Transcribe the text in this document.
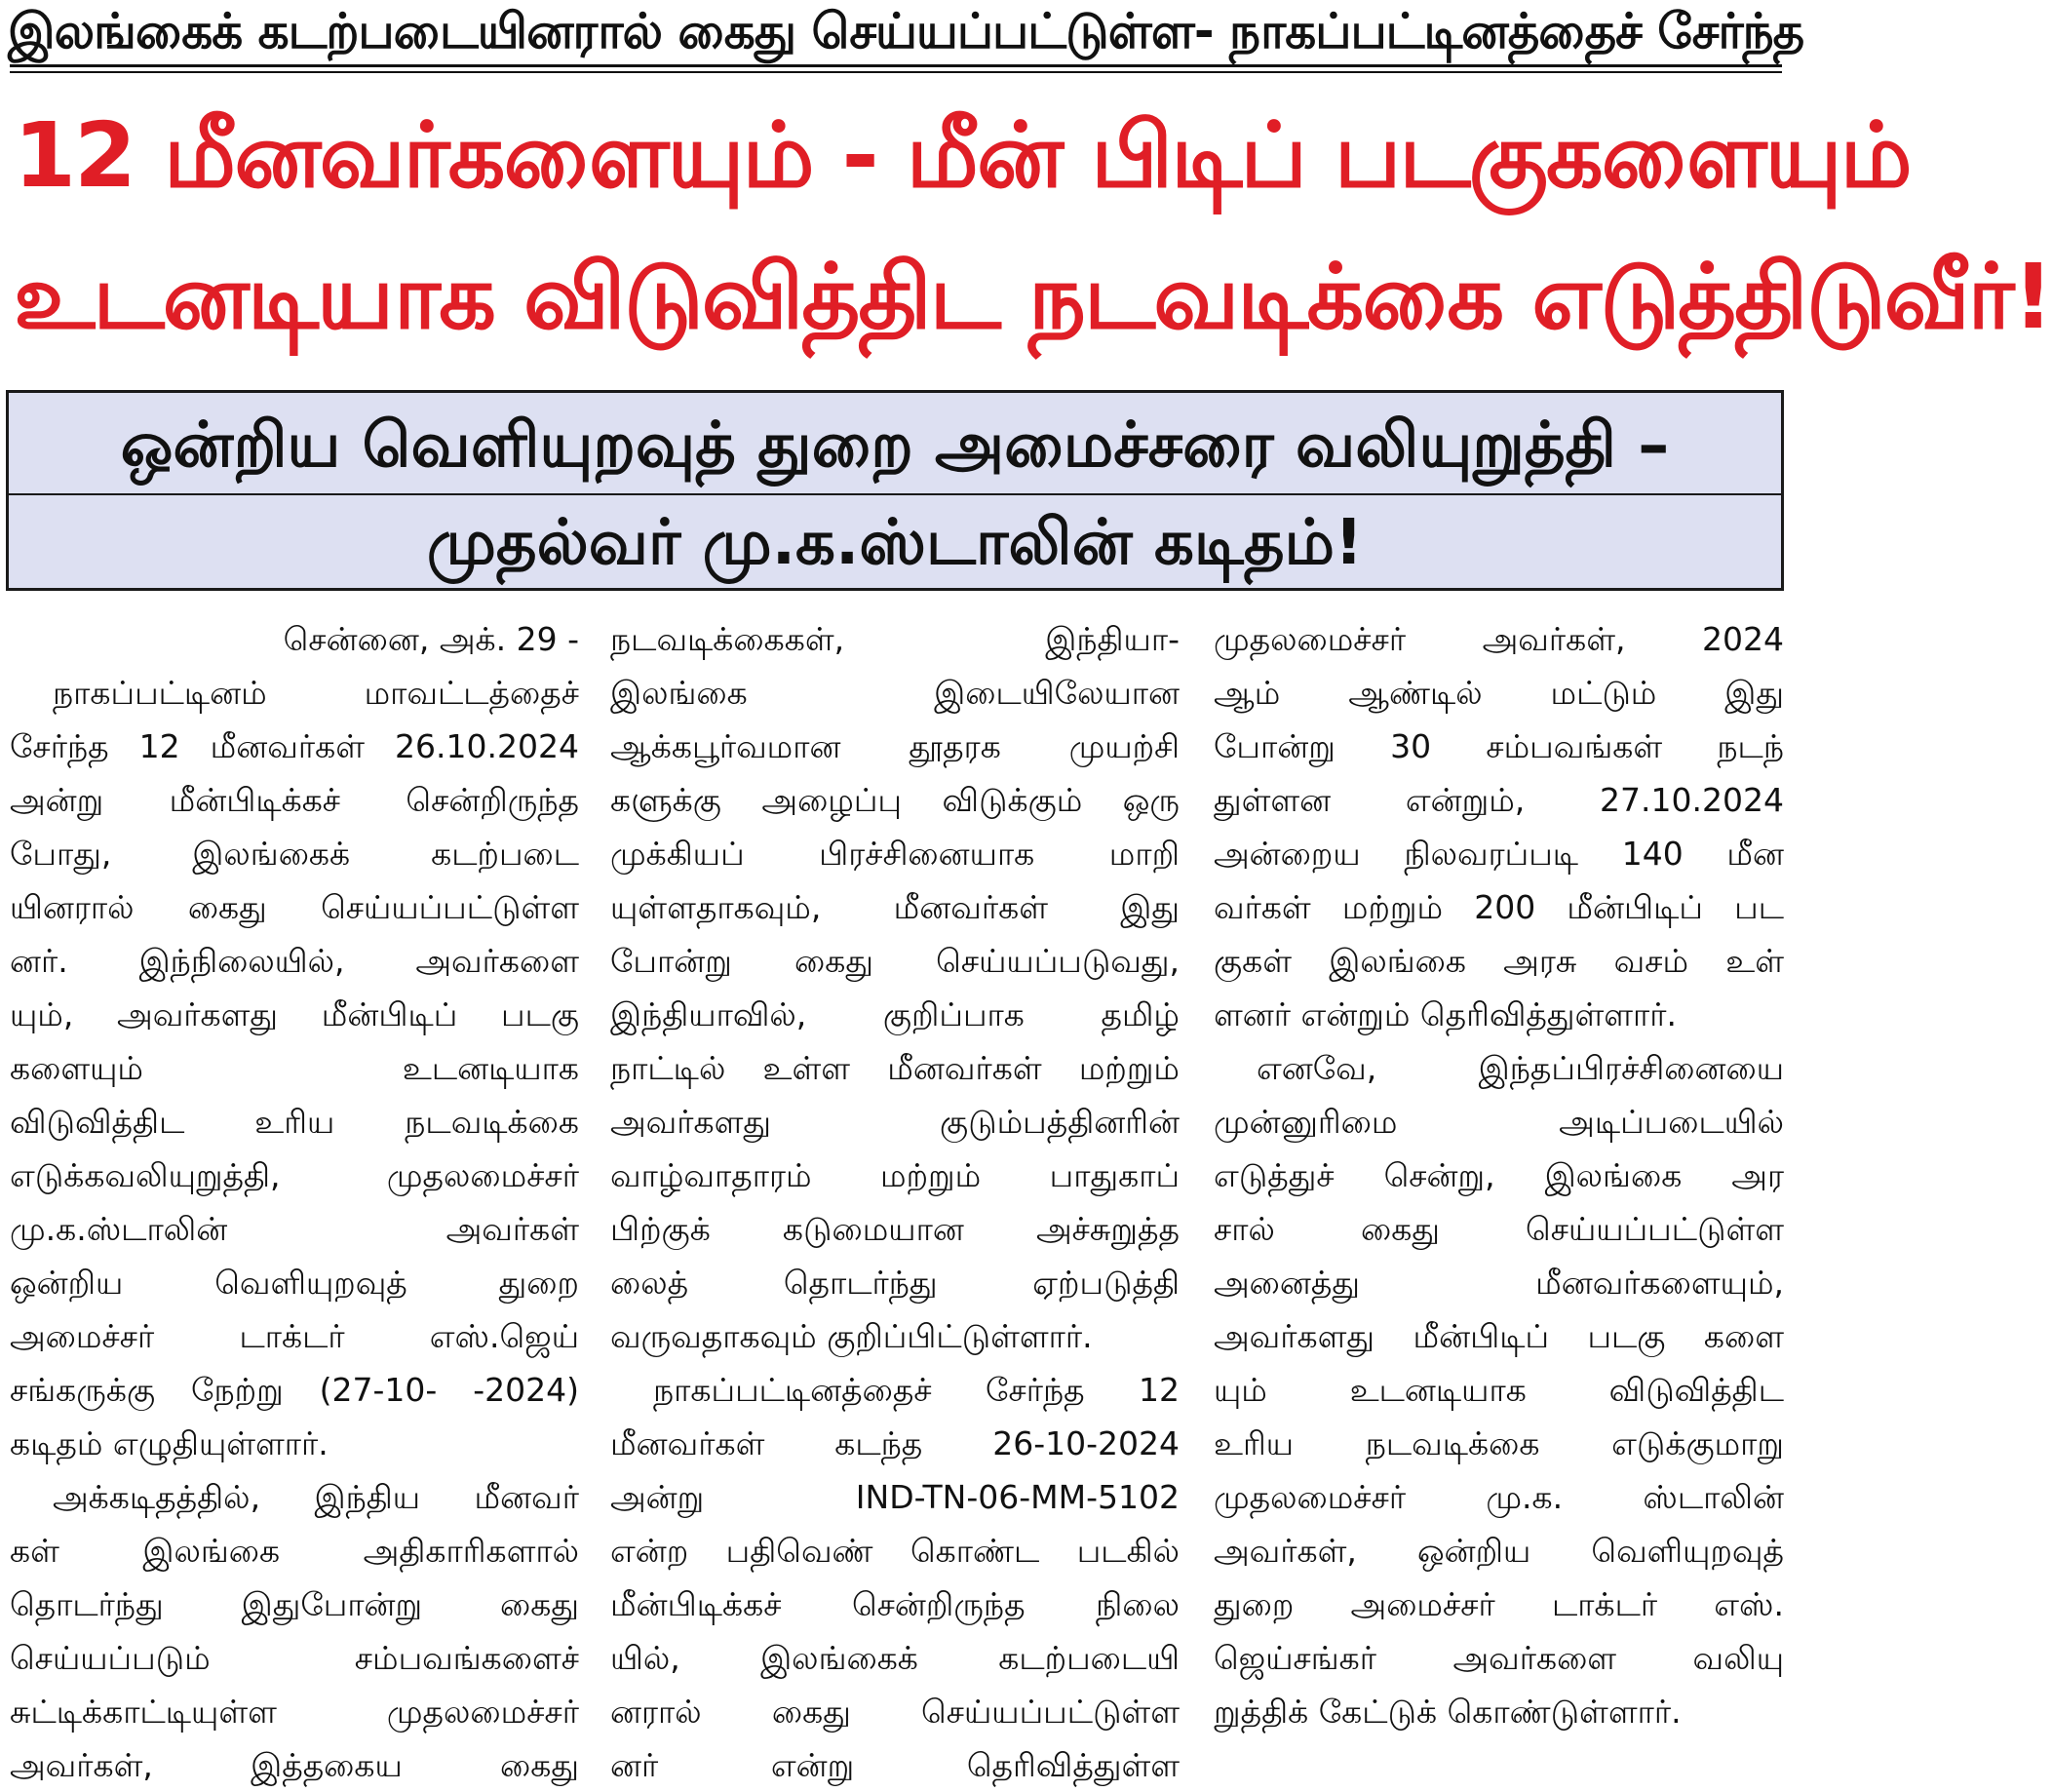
இலங்கைக் கடற்படையினரால் கைது செய்யப்பட்டுள்ள- நாகப்பட்டினத்தைச் சேர்ந்த
12 மீனவர்களையும் - மீன் பிடிப் படகுகளையும்
உடனடியாக விடுவித்திட நடவடிக்கை எடுத்திடுவீர்!
ஒன்றிய வெளியுறவுத் துறை அமைச்சரை வலியுறுத்தி –
முதல்வர் மு.க.ஸ்டாலின் கடிதம்!
சென்னை, அக். 29 -
நாகப்பட்டினம் மாவட்டத்தைச்
சேர்ந்த 12 மீனவர்கள் 26.10.2024
அன்று மீன்பிடிக்கச் சென்றிருந்த
போது, இலங்கைக் கடற்படை
யினரால் கைது செய்யப்பட்டுள்ள
னர். இந்நிலையில், அவர்களை
யும், அவர்களது மீன்பிடிப் படகு
களையும் உடனடியாக
விடுவித்திட உரிய நடவடிக்கை
எடுக்கவலியுறுத்தி, முதலமைச்சர்
மு.க.ஸ்டாலின் அவர்கள்
ஒன்றிய வெளியுறவுத் துறை
அமைச்சர் டாக்டர் எஸ்.ஜெய்
சங்கருக்கு நேற்று (27-10- -2024)
கடிதம் எழுதியுள்ளார்.
அக்கடிதத்தில், இந்திய மீனவர்
கள் இலங்கை அதிகாரிகளால்
தொடர்ந்து இதுபோன்று கைது
செய்யப்படும் சம்பவங்களைச்
சுட்டிக்காட்டியுள்ள முதலமைச்சர்
அவர்கள், இத்தகைய கைது
நடவடிக்கைகள், இந்தியா-
இலங்கை இடையிலேயான
ஆக்கபூர்வமான தூதரக முயற்சி
களுக்கு அழைப்பு விடுக்கும் ஒரு
முக்கியப் பிரச்சினையாக மாறி
யுள்ளதாகவும், மீனவர்கள் இது
போன்று கைது செய்யப்படுவது,
இந்தியாவில், குறிப்பாக தமிழ்
நாட்டில் உள்ள மீனவர்கள் மற்றும்
அவர்களது குடும்பத்தினரின்
வாழ்வாதாரம் மற்றும் பாதுகாப்
பிற்குக் கடுமையான அச்சுறுத்த
லைத் தொடர்ந்து ஏற்படுத்தி
வருவதாகவும் குறிப்பிட்டுள்ளார்.
நாகப்பட்டினத்தைச் சேர்ந்த 12
மீனவர்கள் கடந்த 26-10-2024
அன்று IND-TN-06-MM-5102
என்ற பதிவெண் கொண்ட படகில்
மீன்பிடிக்கச் சென்றிருந்த நிலை
யில், இலங்கைக் கடற்படையி
னரால் கைது செய்யப்பட்டுள்ள
னர் என்று தெரிவித்துள்ள
முதலமைச்சர் அவர்கள், 2024
ஆம் ஆண்டில் மட்டும் இது
போன்று 30 சம்பவங்கள் நடந்
துள்ளன என்றும், 27.10.2024
அன்றைய நிலவரப்படி 140 மீன
வர்கள் மற்றும் 200 மீன்பிடிப் பட
குகள் இலங்கை அரசு வசம் உள்
ளனர் என்றும் தெரிவித்துள்ளார்.
எனவே, இந்தப்பிரச்சினையை
முன்னுரிமை அடிப்படையில்
எடுத்துச் சென்று, இலங்கை அர
சால் கைது செய்யப்பட்டுள்ள
அனைத்து மீனவர்களையும்,
அவர்களது மீன்பிடிப் படகு களை
யும் உடனடியாக விடுவித்திட
உரிய நடவடிக்கை எடுக்குமாறு
முதலமைச்சர் மு.க. ஸ்டாலின்
அவர்கள், ஒன்றிய வெளியுறவுத்
துறை அமைச்சர் டாக்டர் எஸ்.
ஜெய்சங்கர் அவர்களை வலியு
றுத்திக் கேட்டுக் கொண்டுள்ளார்.
